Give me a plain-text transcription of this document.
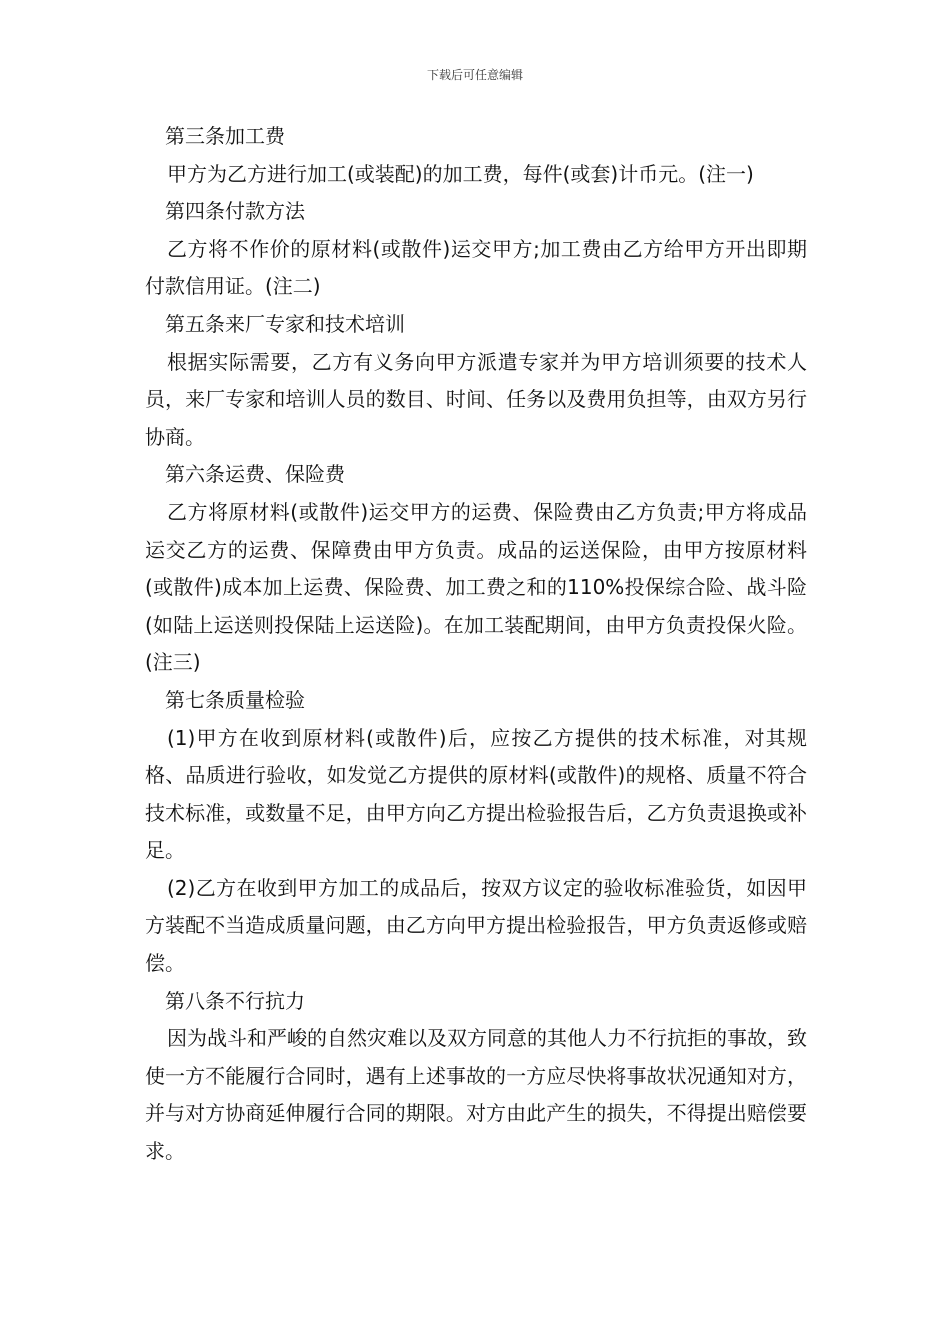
下载后可任意编辑
第三条加工费

甲方为乙方进行加工(或装配)的加工费，每件(或套)计币元。(注一)

第四条付款方法

乙方将不作价的原材料(或散件)运交甲方;加工费由乙方给甲方开出即期付款信用证。(注二)

第五条来厂专家和技术培训

根据实际需要，乙方有义务向甲方派遣专家并为甲方培训须要的技术人员，来厂专家和培训人员的数目、时间、任务以及费用负担等，由双方另行协商。

第六条运费、保险费

乙方将原材料(或散件)运交甲方的运费、保险费由乙方负责;甲方将成品运交乙方的运费、保障费由甲方负责。成品的运送保险，由甲方按原材料(或散件)成本加上运费、保险费、加工费之和的110%投保综合险、战斗险(如陆上运送则投保陆上运送险)。在加工装配期间，由甲方负责投保火险。(注三)

第七条质量检验

(1)甲方在收到原材料(或散件)后，应按乙方提供的技术标准，对其规格、品质进行验收，如发觉乙方提供的原材料(或散件)的规格、质量不符合技术标准，或数量不足，由甲方向乙方提出检验报告后，乙方负责退换或补足。

(2)乙方在收到甲方加工的成品后，按双方议定的验收标准验货，如因甲方装配不当造成质量问题，由乙方向甲方提出检验报告，甲方负责返修或赔偿。

第八条不行抗力

因为战斗和严峻的自然灾难以及双方同意的其他人力不行抗拒的事故，致使一方不能履行合同时，遇有上述事故的一方应尽快将事故状况通知对方，并与对方协商延伸履行合同的期限。对方由此产生的损失，不得提出赔偿要求。
